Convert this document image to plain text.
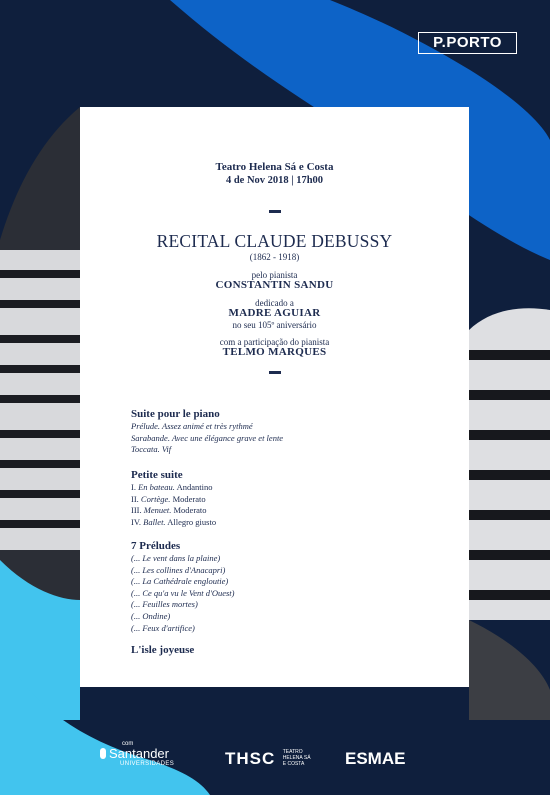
P.PORTO
Teatro Helena Sá e Costa
4 de Nov 2018 | 17h00
RECITAL CLAUDE DEBUSSY
(1862 - 1918)
pelo pianista
CONSTANTIN SANDU
dedicado a
MADRE AGUIAR
no seu 105º aniversário
com a participação do pianista
TELMO MARQUES
Suite pour le piano
Prélude. Assez animé et très rythmé
Sarabande. Avec une élégance grave et lente
Toccata. Vif
Petite suite
I. En bateau. Andantino
II. Cortège. Moderato
III. Menuet. Moderato
IV. Ballet. Allegro giusto
7 Préludes
(... Le vent dans la plaine)
(... Les collines d'Anacapri)
(... La Cathédrale engloutie)
(... Ce qu'a vu le Vent d'Ouest)
(... Feuilles mortes)
(... Ondine)
(... Feux d'artifice)
L'isle joyeuse
com
Santander
UNIVERSIDADES	THSC TEATRO HELENA SÁ E COSTA	ESMAE
